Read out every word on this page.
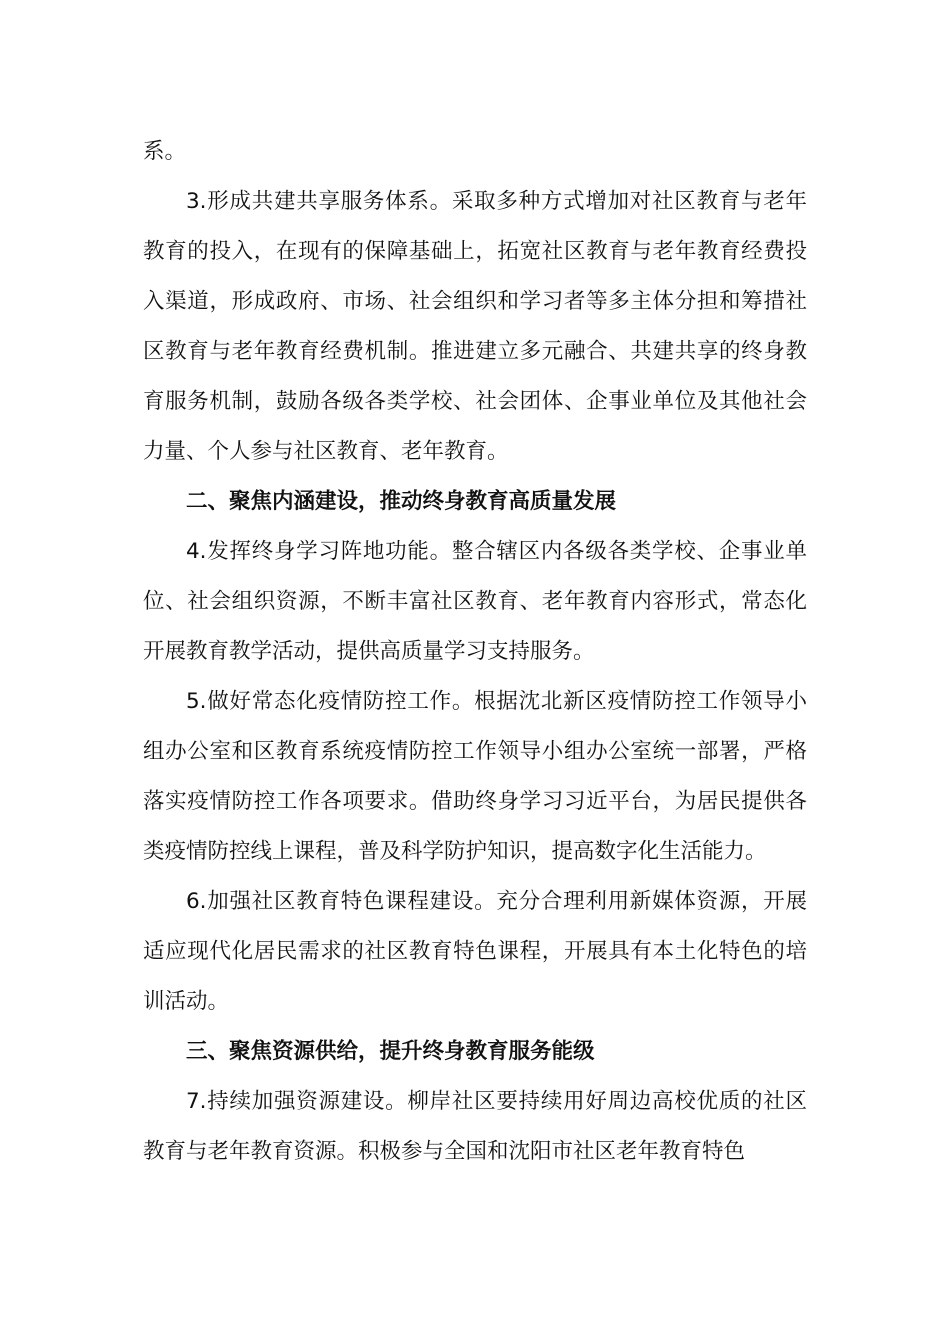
系。

3.形成共建共享服务体系。采取多种方式增加对社区教育与老年教育的投入，在现有的保障基础上，拓宽社区教育与老年教育经费投入渠道，形成政府、市场、社会组织和学习者等多主体分担和筹措社区教育与老年教育经费机制。推进建立多元融合、共建共享的终身教育服务机制，鼓励各级各类学校、社会团体、企事业单位及其他社会力量、个人参与社区教育、老年教育。

二、聚焦内涵建设，推动终身教育高质量发展

4.发挥终身学习阵地功能。整合辖区内各级各类学校、企事业单位、社会组织资源，不断丰富社区教育、老年教育内容形式，常态化开展教育教学活动，提供高质量学习支持服务。

5.做好常态化疫情防控工作。根据沈北新区疫情防控工作领导小组办公室和区教育系统疫情防控工作领导小组办公室统一部署，严格落实疫情防控工作各项要求。借助终身学习习近平台，为居民提供各类疫情防控线上课程，普及科学防护知识，提高数字化生活能力。

6.加强社区教育特色课程建设。充分合理利用新媒体资源，开展适应现代化居民需求的社区教育特色课程，开展具有本土化特色的培训活动。

三、聚焦资源供给，提升终身教育服务能级

7.持续加强资源建设。柳岸社区要持续用好周边高校优质的社区教育与老年教育资源。积极参与全国和沈阳市社区老年教育特色
